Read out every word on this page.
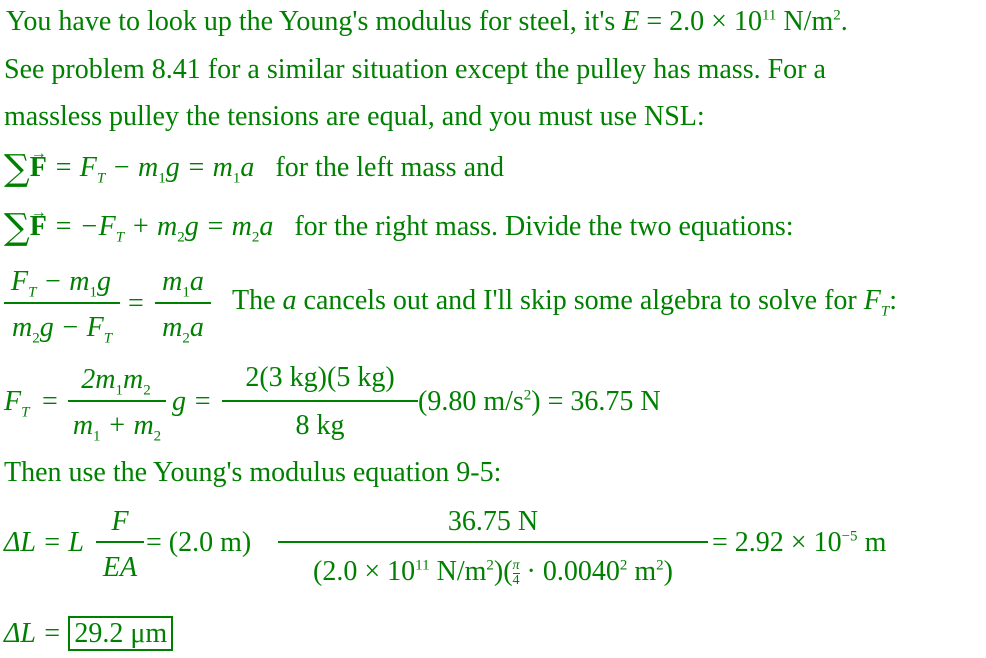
You have to look up the Young's modulus for steel, it's $E = 2.0 \times 10^{11}$ $N/m^2$.
See problem 8.41 for a similar situation except the pulley has mass. For a
massless pulley the tensions are equal, and you must use NSL:
∑→ $F = F_T - m_1g = m_1a$ for the left mass and
∑→ $F = -F_T + m_2g = m_2a$ for the right mass. Divide the two equations:
$F_T - m_1g$
$m_2g - F_T$
=
$m_1a$
$m_2a$
The a cancels out and I'll skip some algebra to solve for $F_T$:
$F_T$ =
$2m_1m_2$
$m_1 + m_2$
g =
2(3 kg)(5 kg)
8 kg
(9.80 $m/s^2) = 36.75$ N
Then use the Young's modulus equation 9-5:
ΔL = L
F
EA
= (2.0 m)
36.75 N
($2.0 \times 10^{11}$ $N/m^2)( \frac{\pi}{4} \cdot 0.0040^2$ $m^2$)
= $2.92 \times 10^{-5}$ m
ΔL = 29.2 μm
